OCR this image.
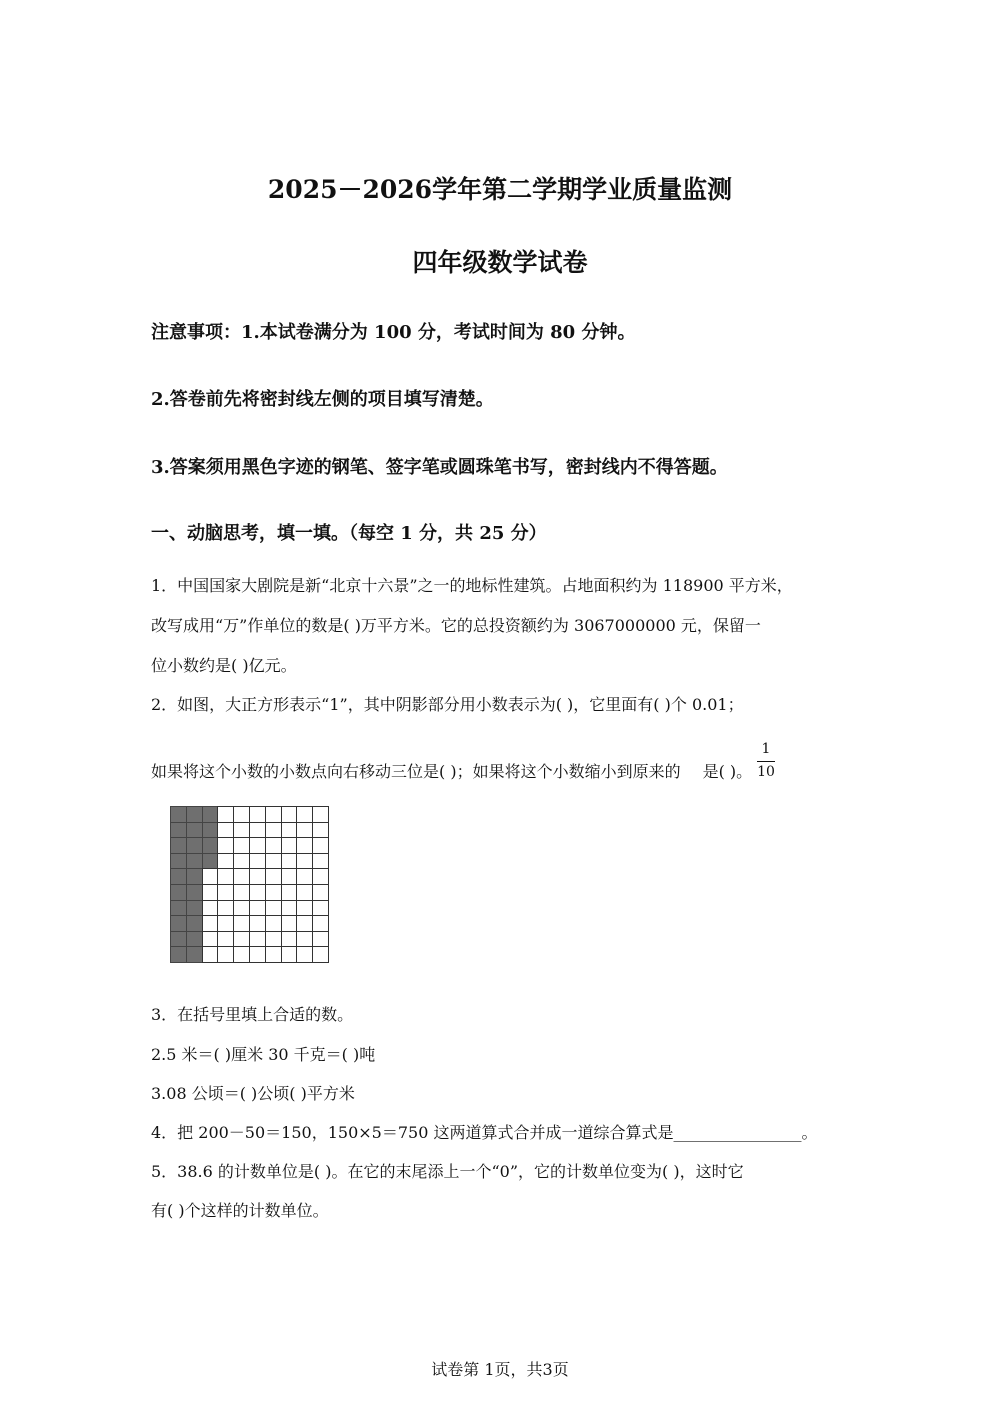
2025－2026学年第二学期学业质量监测
四年级数学试卷
注意事项：1.本试卷满分为 100 分，考试时间为 80 分钟。
2.答卷前先将密封线左侧的项目填写清楚。
3.答案须用黑色字迹的钢笔、签字笔或圆珠笔书写，密封线内不得答题。
一、动脑思考，填一填。（每空 1 分，共 25 分）
1．中国国家大剧院是新“北京十六景”之一的地标性建筑。占地面积约为 118900 平方米，
改写成用“万”作单位的数是( )万平方米。它的总投资额约为 3067000000 元，保留一
位小数约是( )亿元。
2．如图，大正方形表示“1”，其中阴影部分用小数表示为( )，它里面有( )个 0.01；
如果将这个小数的小数点向右移动三位是( )；如果将这个小数缩小到原来的 是( )。
1
10
3．在括号里填上合适的数。
2.5 米＝( )厘米 30 千克＝( )吨
3.08 公顷＝( )公顷( )平方米
4．把 200－50＝150，150×5＝750 这两道算式合并成一道综合算式是________________。
5．38.6 的计数单位是( )。在它的末尾添上一个“0”，它的计数单位变为( )，这时它
有( )个这样的计数单位。
试卷第 1页，共3页
